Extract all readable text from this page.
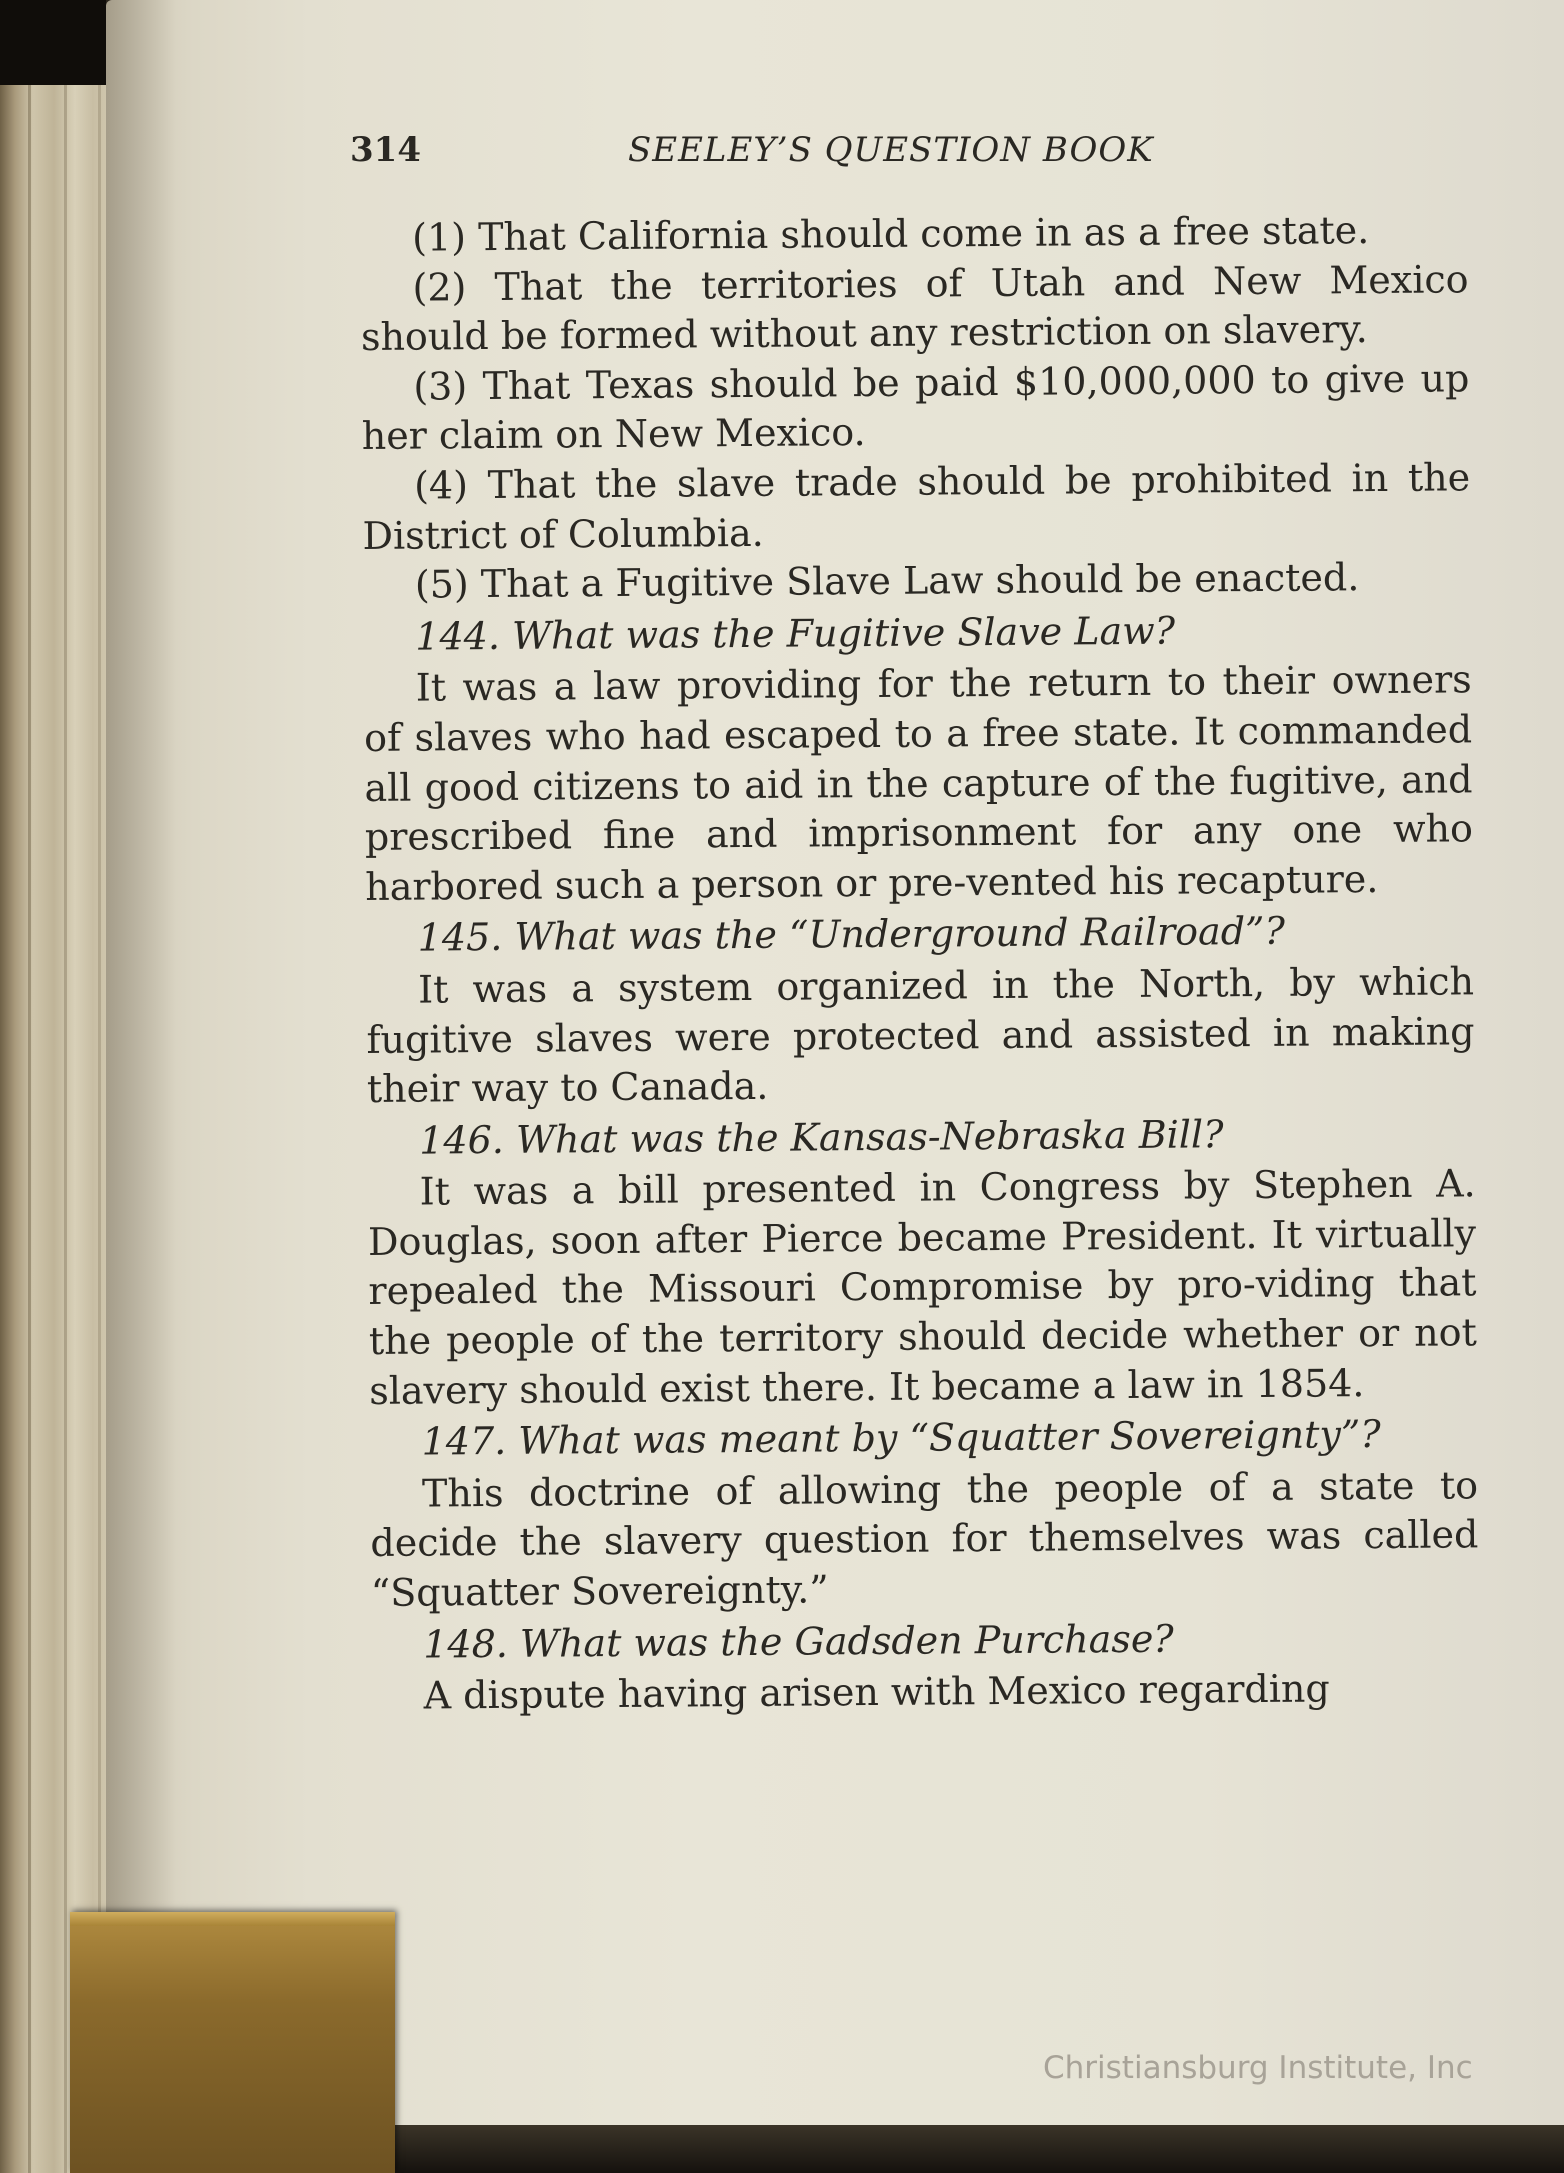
314	SEELEY’S QUESTION BOOK

(1) That California should come in as a free state.

(2) That the territories of Utah and New Mexico should be formed without any restriction on slavery.

(3) That Texas should be paid $10,000,000 to give up her claim on New Mexico.

(4) That the slave trade should be prohibited in the District of Columbia.

(5) That a Fugitive Slave Law should be enacted.

144. What was the Fugitive Slave Law?

It was a law providing for the return to their owners of slaves who had escaped to a free state. It commanded all good citizens to aid in the capture of the fugitive, and prescribed fine and imprisonment for any one who harbored such a person or pre-vented his recapture.

145. What was the “Underground Railroad”?

It was a system organized in the North, by which fugitive slaves were protected and assisted in making their way to Canada.

146. What was the Kansas-Nebraska Bill?

It was a bill presented in Congress by Stephen A. Douglas, soon after Pierce became President. It virtually repealed the Missouri Compromise by pro-viding that the people of the territory should decide whether or not slavery should exist there. It became a law in 1854.

147. What was meant by “Squatter Sovereignty”?

This doctrine of allowing the people of a state to decide the slavery question for themselves was called “Squatter Sovereignty.”

148. What was the Gadsden Purchase?

A dispute having arisen with Mexico regarding

Christiansburg Institute, Inc
